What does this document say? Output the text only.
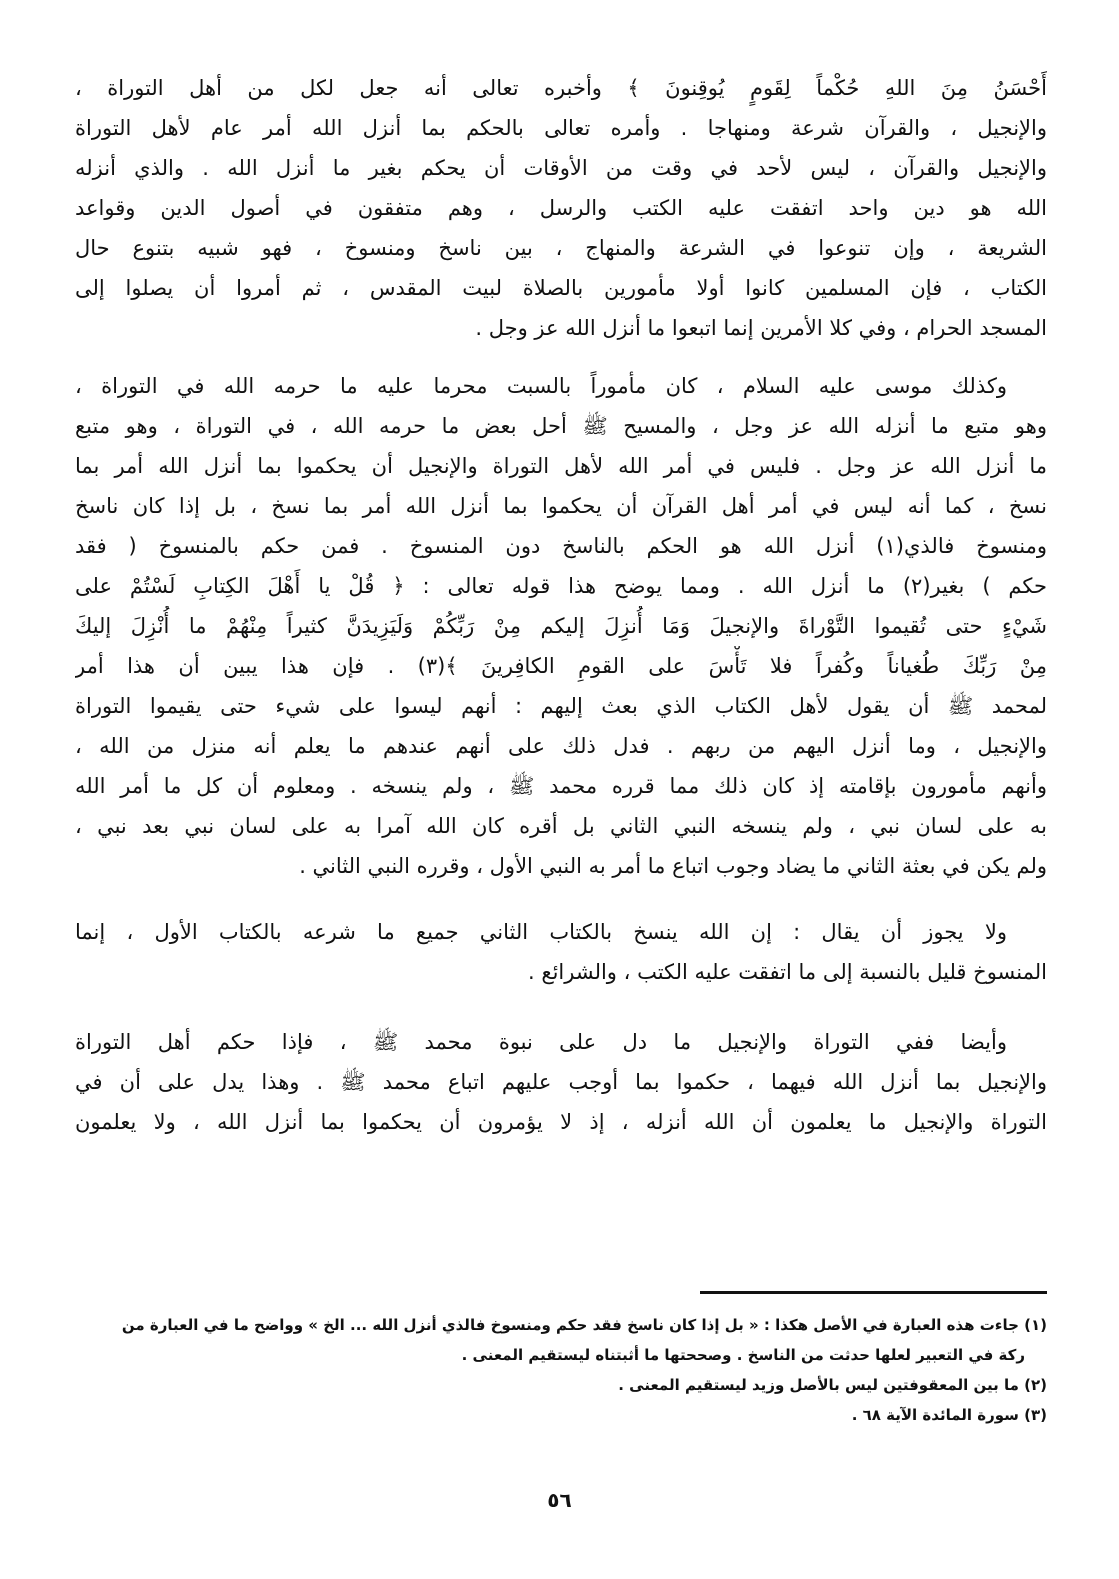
أَحْسَنُ مِنَ اللهِ حُكْماً لِقَومٍ يُوقِنونَ ﴾ وأخبره تعالى أنه جعل لكل من أهل التوراة ،
والإنجيل ، والقرآن شرعة ومنهاجا . وأمره تعالى بالحكم بما أنزل الله أمر عام لأهل التوراة
والإنجيل والقرآن ، ليس لأحد في وقت من الأوقات أن يحكم بغير ما أنزل الله . والذي أنزله
الله هو دين واحد اتفقت عليه الكتب والرسل ، وهم متفقون في أصول الدين وقواعد
الشريعة ، وإن تنوعوا في الشرعة والمنهاج ، بين ناسخ ومنسوخ ، فهو شبيه بتنوع حال
الكتاب ، فإن المسلمين كانوا أولا مأمورين بالصلاة لبيت المقدس ، ثم أمروا أن يصلوا إلى
المسجد الحرام ، وفي كلا الأمرين إنما اتبعوا ما أنزل الله عز وجل .
وكذلك موسى عليه السلام ، كان مأموراً بالسبت محرما عليه ما حرمه الله في التوراة ،
وهو متبع ما أنزله الله عز وجل ، والمسيح ﷺ أحل بعض ما حرمه الله ، في التوراة ، وهو متبع
ما أنزل الله عز وجل . فليس في أمر الله لأهل التوراة والإنجيل أن يحكموا بما أنزل الله أمر بما
نسخ ، كما أنه ليس في أمر أهل القرآن أن يحكموا بما أنزل الله أمر بما نسخ ، بل إذا كان ناسخ
ومنسوخ فالذي(١) أنزل الله هو الحكم بالناسخ دون المنسوخ . فمن حكم بالمنسوخ ( فقد
حكم ) بغير(٢) ما أنزل الله . ومما يوضح هذا قوله تعالى : ﴿ قُلْ يا أَهْلَ الكِتابِ لَسْتُمْ على
شَيْءٍ حتى تُقيموا التَّوْراةَ والإنجيلَ وَمَا أُنزِلَ إليكم مِنْ رَبِّكُمْ وَلَيَزِيدَنَّ كثيراً مِنْهُمْ ما أُنْزِلَ إليكَ
مِنْ رَبِّكَ طُغياناً وكُفراً فلا تَأْسَ على القومِ الكافِرينَ ﴾(٣) . فإن هذا يبين أن هذا أمر
لمحمد ﷺ أن يقول لأهل الكتاب الذي بعث إليهم : أنهم ليسوا على شيء حتى يقيموا التوراة
والإنجيل ، وما أنزل اليهم من ربهم . فدل ذلك على أنهم عندهم ما يعلم أنه منزل من الله ،
وأنهم مأمورون بإقامته إذ كان ذلك مما قرره محمد ﷺ ، ولم ينسخه . ومعلوم أن كل ما أمر الله
به على لسان نبي ، ولم ينسخه النبي الثاني بل أقره كان الله آمرا به على لسان نبي بعد نبي ،
ولم يكن في بعثة الثاني ما يضاد وجوب اتباع ما أمر به النبي الأول ، وقرره النبي الثاني .
ولا يجوز أن يقال : إن الله ينسخ بالكتاب الثاني جميع ما شرعه بالكتاب الأول ، إنما
المنسوخ قليل بالنسبة إلى ما اتفقت عليه الكتب ، والشرائع .
وأيضا ففي التوراة والإنجيل ما دل على نبوة محمد ﷺ ، فإذا حكم أهل التوراة
والإنجيل بما أنزل الله فيهما ، حكموا بما أوجب عليهم اتباع محمد ﷺ . وهذا يدل على أن في
التوراة والإنجيل ما يعلمون أن الله أنزله ، إذ لا يؤمرون أن يحكموا بما أنزل الله ، ولا يعلمون
(١) جاءت هذه العبارة في الأصل هكذا : « بل إذا كان ناسخ فقد حكم ومنسوخ فالذي أنزل الله ... الخ » وواضح ما في العبارة من
ركة في التعبير لعلها حدثت من الناسخ . وصححتها ما أثبتناه ليستقيم المعنى .
(٢) ما بين المعقوفتين ليس بالأصل وزيد ليستقيم المعنى .
(٣) سورة المائدة الآية ٦٨ .
٥٦
